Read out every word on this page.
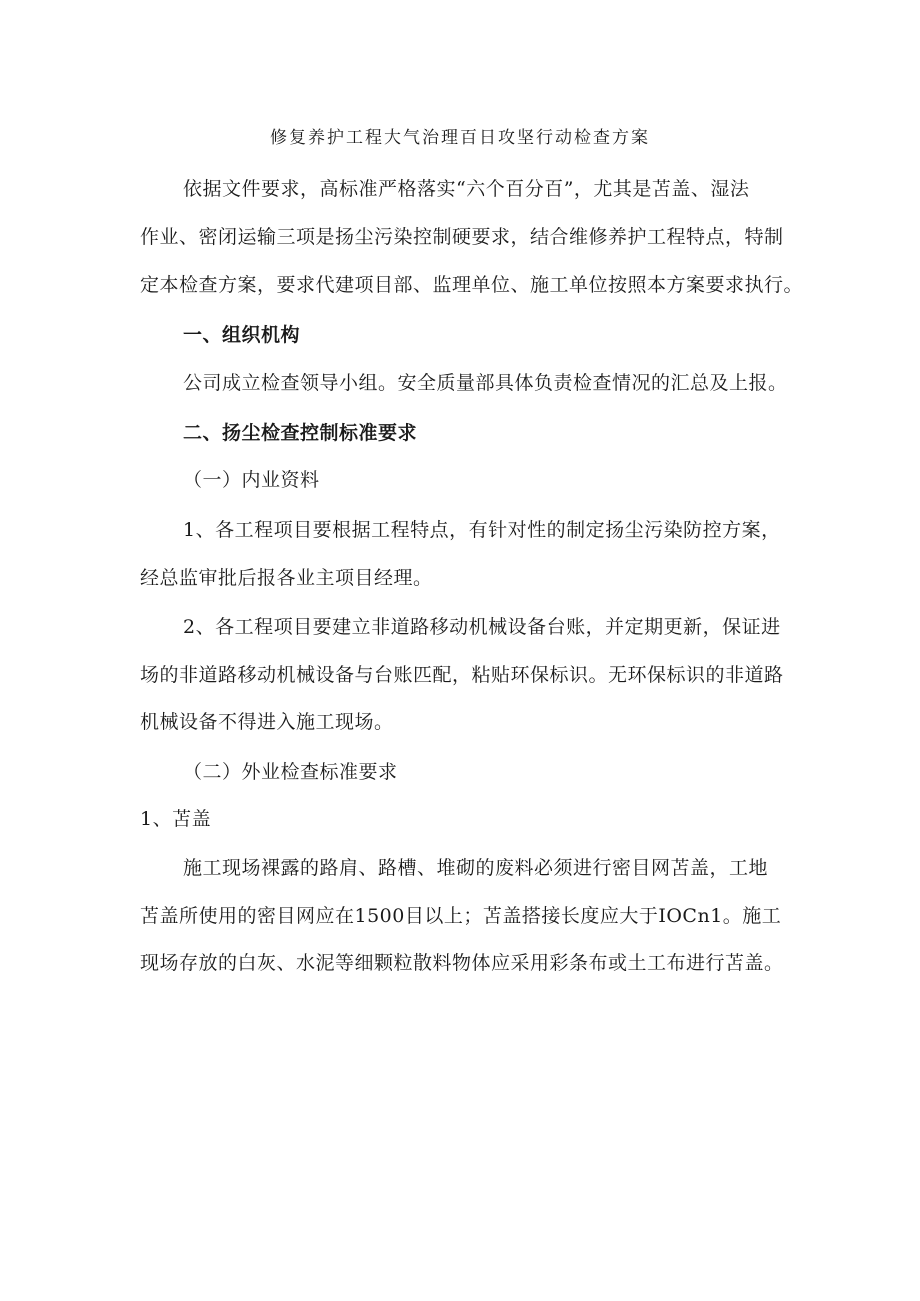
修复养护工程大气治理百日攻坚行动检查方案
依据文件要求，高标准严格落实“六个百分百”，尤其是苫盖、湿法
作业、密闭运输三项是扬尘污染控制硬要求，结合维修养护工程特点，特制
定本检查方案，要求代建项目部、监理单位、施工单位按照本方案要求执行。
一、组织机构
公司成立检查领导小组。安全质量部具体负责检查情况的汇总及上报。
二、扬尘检查控制标准要求
（一）内业资料
1、各工程项目要根据工程特点，有针对性的制定扬尘污染防控方案，
经总监审批后报各业主项目经理。
2、各工程项目要建立非道路移动机械设备台账，并定期更新，保证进
场的非道路移动机械设备与台账匹配，粘贴环保标识。无环保标识的非道路
机械设备不得进入施工现场。
（二）外业检查标准要求
1、苫盖
施工现场裸露的路肩、路槽、堆砌的废料必须进行密目网苫盖，工地
苫盖所使用的密目网应在1500目以上；苫盖搭接长度应大于IOCn1。施工
现场存放的白灰、水泥等细颗粒散料物体应采用彩条布或土工布进行苫盖。
